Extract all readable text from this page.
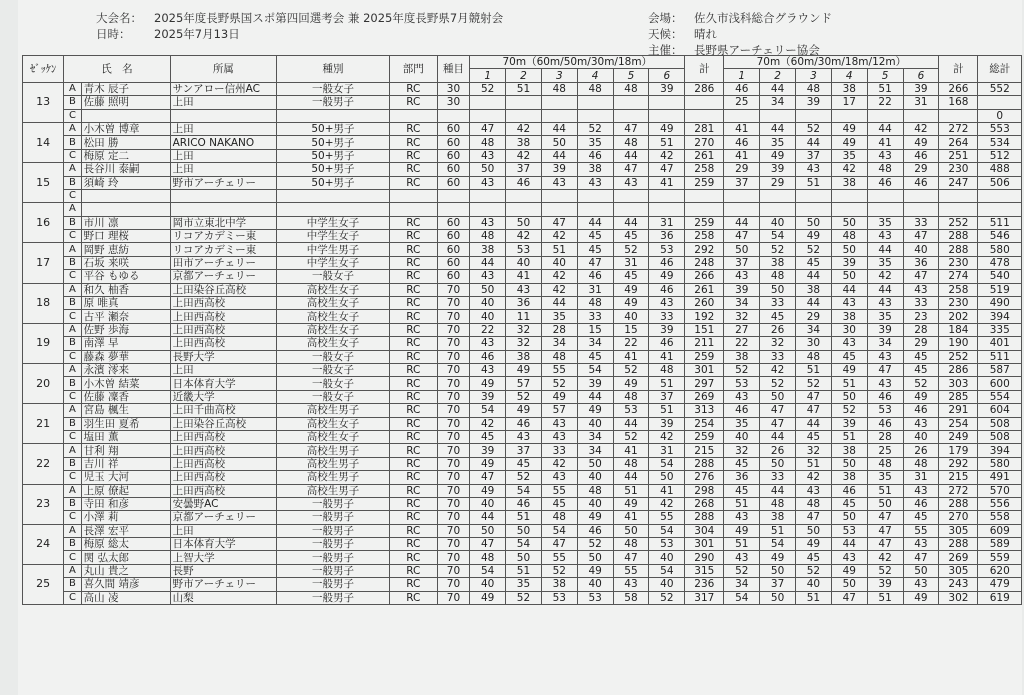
大会名： 2025年度長野県国スポ第四回選考会 兼 2025年度長野県7月競射会
日時： 2025年7月13日
会場： 佐久市浅科総合グラウンド
天候： 晴れ
主催： 長野県アーチェリー協会
ｾﾞｯｹﾝ	氏　名		所属	種別	部門	種目	70m（60m/50m/30m/18m）						計	70m（60m/30m/18m/12m）						計	総計
							1	2	3	4	5	6		1	2	3	4	5	6		
13	A	青木 辰子	サンアロー信州AC	一般女子	RC	30	52	51	48	48	48	39	286	46	44	48	38	51	39	266	552
	B	佐藤 照明	上田	一般男子	RC	30								25	34	39	17	22	31	168	
	C																				0
14	A	小木曽 博章	上田	50+男子	RC	60	47	42	44	52	47	49	281	41	44	52	49	44	42	272	553
	B	松田 勝	ARICO NAKANO	50+男子	RC	60	48	38	50	35	48	51	270	46	35	44	49	41	49	264	534
	C	梅原 定二	上田	50+男子	RC	60	43	42	44	46	44	42	261	41	49	37	35	43	46	251	512
15	A	長谷川 泰嗣	上田	50+男子	RC	60	50	37	39	38	47	47	258	29	39	43	42	48	29	230	488
	B	須崎 玲	野市アーチェリー	50+男子	RC	60	43	46	43	43	43	41	259	37	29	51	38	46	46	247	506
	C																				
16	A																				
	B	市川 凛	岡市立東北中学	中学生女子	RC	60	43	50	47	44	44	31	259	44	40	50	50	35	33	252	511
	C	野口 理桜	リコアカデミー東	中学生女子	RC	60	48	42	42	45	45	36	258	47	54	49	48	43	47	288	546
17	A	岡野 恵紡	リコアカデミー東	中学生男子	RC	60	38	53	51	45	52	53	292	50	52	52	50	44	40	288	580
	B	石坂 来咲	田市アーチェリー	中学生女子	RC	60	44	40	40	47	31	46	248	37	38	45	39	35	36	230	478
	C	平谷 もゆる	京都アーチェリー	一般女子	RC	60	43	41	42	46	45	49	266	43	48	44	50	42	47	274	540
18	A	和久 柚香	上田染谷丘高校	高校生女子	RC	70	50	43	42	31	49	46	261	39	50	38	44	44	43	258	519
	B	原 唯真	上田西高校	高校生女子	RC	70	40	36	44	48	49	43	260	34	33	44	43	43	33	230	490
	C	古平 瀬奈	上田西高校	高校生女子	RC	70	40	11	35	33	40	33	192	32	45	29	38	35	23	202	394
19	A	佐野 歩海	上田西高校	高校生女子	RC	70	22	32	28	15	15	39	151	27	26	34	30	39	28	184	335
	B	南澤 早	上田西高校	高校生女子	RC	70	43	32	34	34	22	46	211	22	32	30	43	34	29	190	401
	C	藤森 夢華	長野大学	一般女子	RC	70	46	38	48	45	41	41	259	38	33	48	45	43	45	252	511
20	A	永濱 澪来	上田	一般女子	RC	70	43	49	55	54	52	48	301	52	42	51	49	47	45	286	587
	B	小木曽 結菜	日本体育大学	一般女子	RC	70	49	57	52	39	49	51	297	53	52	52	51	43	52	303	600
	C	佐藤 凜香	近畿大学	一般女子	RC	70	39	52	49	44	48	37	269	43	50	47	50	46	49	285	554
21	A	宮島 楓生	上田千曲高校	高校生男子	RC	70	54	49	57	49	53	51	313	46	47	47	52	53	46	291	604
	B	羽生田 夏希	上田染谷丘高校	高校生女子	RC	70	42	46	43	40	44	39	254	35	47	44	39	46	43	254	508
	C	塩田 薫	上田西高校	高校生女子	RC	70	45	43	43	34	52	42	259	40	44	45	51	28	40	249	508
22	A	甘利 翔	上田西高校	高校生男子	RC	70	39	37	33	34	41	31	215	32	26	32	38	25	26	179	394
	B	吉川 祥	上田西高校	高校生男子	RC	70	49	45	42	50	48	54	288	45	50	51	50	48	48	292	580
	C	児玉 大河	上田西高校	高校生男子	RC	70	47	52	43	40	44	50	276	36	33	42	38	35	31	215	491
23	A	上原 僚起	上田西高校	高校生男子	RC	70	49	54	55	48	51	41	298	45	44	43	46	51	43	272	570
	B	寺田 和彦	安曇野AC	一般男子	RC	70	40	46	45	40	49	42	268	51	48	48	45	50	46	288	556
	C	小澤 莉	京都アーチェリー	一般男子	RC	70	44	51	48	49	41	55	288	43	38	47	50	47	45	270	558
24	A	長澤 宏平	上田	一般男子	RC	70	50	50	54	46	50	54	304	49	51	50	53	47	55	305	609
	B	梅原 総太	日本体育大学	一般男子	RC	70	47	54	47	52	48	53	301	51	54	49	44	47	43	288	589
	C	関 弘太郎	上智大学	一般男子	RC	70	48	50	55	50	47	40	290	43	49	45	43	42	47	269	559
25	A	丸山 貴之	長野	一般男子	RC	70	54	51	52	49	55	54	315	52	50	52	49	52	50	305	620
	B	喜久間 靖彦	野市アーチェリー	一般男子	RC	70	40	35	38	40	43	40	236	34	37	40	50	39	43	243	479
	C	高山 凌	山梨	一般男子	RC	70	49	52	53	53	58	52	317	54	50	51	47	51	49	302	619
